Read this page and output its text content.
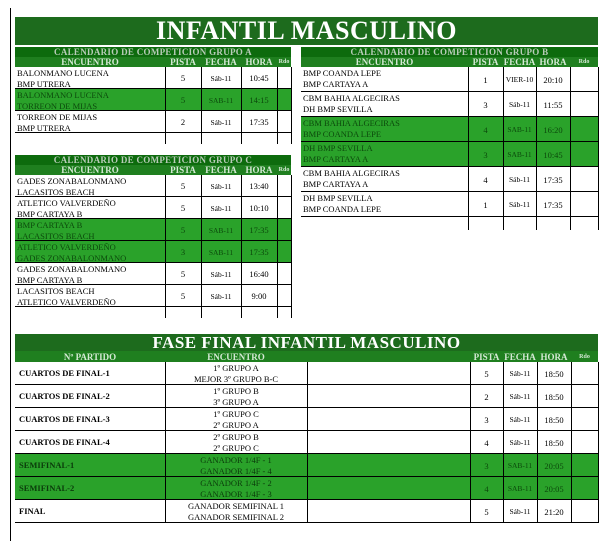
INFANTIL MASCULINO
CALENDARIO DE COMPETICION GRUPO A
ENCUENTRO	PISTA	FECHA HORA	Rdo
BALONMANO LUCENA
BMP UTRERA
5	Sáb-11	10:45
BALONMANO LUCENA
TORREON DE MIJAS
5	SAB-11	14:15
TORREON DE MIJAS
BMP UTRERA
2	Sáb-11	17:35
CALENDARIO DE COMPETICION GRUPO B
ENCUENTRO	PISTA FECHA HORA	Rdo
BMP COANDA LEPE
BMP CARTAYA A	1	VIER-10	20:10
CBM BAHIA ALGECIRAS
DH BMP SEVILLA	3	Sáb-11	11:55
CBM BAHIA ALGECIRAS
BMP COANDA LEPE	4	SAB-11	16:20
DH BMP SEVILLA
BMP CARTAYA A	3	SAB-11	10:45
CBM BAHIA ALGECIRAS
BMP CARTAYA A	4	Sáb-11	17:35
DH BMP SEVILLA
BMP COANDA LEPE	1	Sáb-11	17:35
CALENDARIO DE COMPETICION GRUPO C
ENCUENTRO	PISTA	FECHA HORA	Rdo
GADES ZONABALONMANO
LACASITOS BEACH
5	Sáb-11	13:40
ATLETICO VALVERDEÑO
BMP CARTAYA B
5	Sáb-11	10:10
BMP CARTAYA B
LACASITOS BEACH
5	SAB-11	17:35
ATLETICO VALVERDEÑO
GADES ZONABALONMANO
3	SAB-11	17:35
GADES ZONABALONMANO
BMP CARTAYA B
5	Sáb-11	16:40
LACASITOS BEACH
ATLETICO VALVERDEÑO
5	Sáb-11	9:00
FASE FINAL INFANTIL MASCULINO
Nº PARTIDO	ENCUENTRO	PISTA FECHA HORA	Rdo
CUARTOS DE FINAL-1	1º GRUPO A
MEJOR 3º GRUPO B-C
5	Sáb-11	18:50
CUARTOS DE FINAL-2	1º GRUPO B
3º GRUPO A
2	Sáb-11	18:50
CUARTOS DE FINAL-3	1º GRUPO C
2º GRUPO A
3	Sáb-11	18:50
CUARTOS DE FINAL-4	2º GRUPO B
2º GRUPO C
4	Sáb-11	18:50
SEMIFINAL-1	GANADOR 1/4F - 1
GANADOR 1/4F - 4
3	SAB-11	20:05
SEMIFINAL-2	GANADOR 1/4F - 2
GANADOR 1/4F - 3
4	SAB-11	20:05
FINAL	GANADOR SEMIFINAL 1
GANADOR SEMIFINAL 2
5	Sáb-11	21:20
